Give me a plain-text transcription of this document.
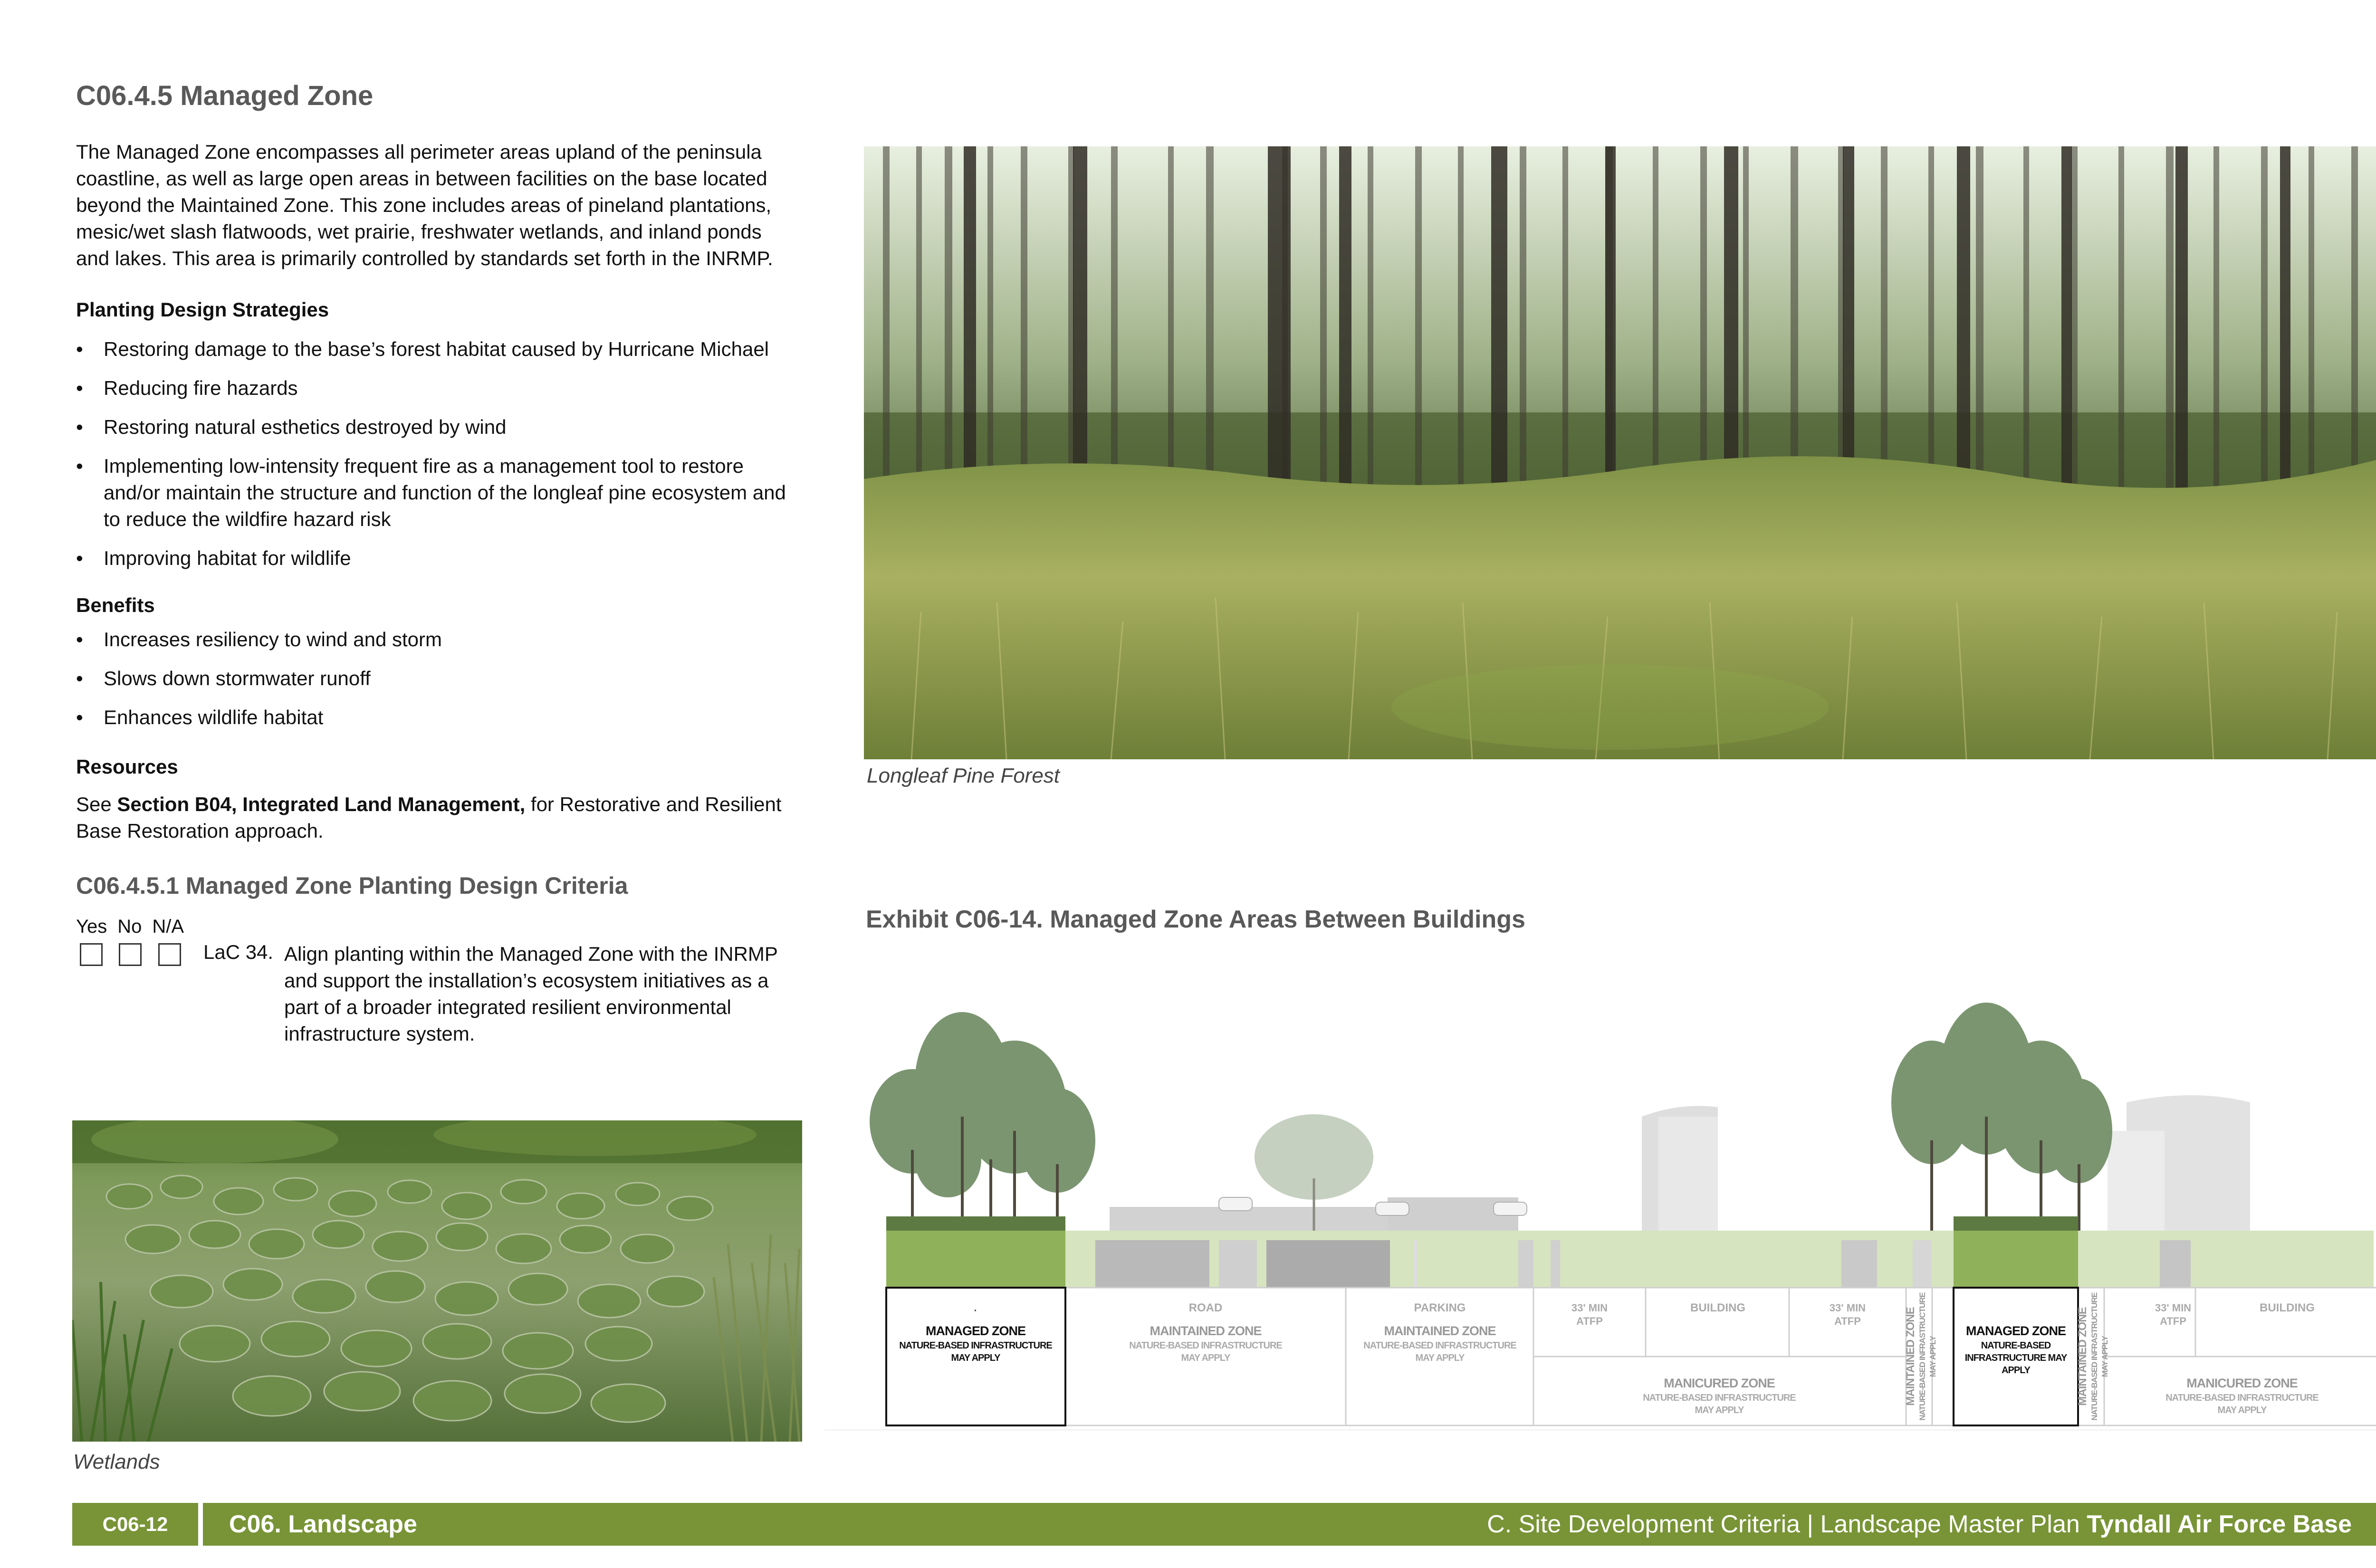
C06.4.5 Managed Zone
The Managed Zone encompasses all perimeter areas upland of the peninsula coastline, as well as large open areas in between facilities on the base located beyond the Maintained Zone. This zone includes areas of pineland plantations, mesic/wet slash flatwoods, wet prairie, freshwater wetlands, and inland ponds and lakes. This area is primarily controlled by standards set forth in the INRMP.
Planting Design Strategies
• Restoring damage to the base’s forest habitat caused by Hurricane Michael
• Reducing fire hazards
• Restoring natural esthetics destroyed by wind
• Implementing low-intensity frequent fire as a management tool to restore and/or maintain the structure and function of the longleaf pine ecosystem and to reduce the wildfire hazard risk
• Improving habitat for wildlife
Benefits
• Increases resiliency to wind and storm
• Slows down stormwater runoff
• Enhances wildlife habitat
Resources
See Section B04, Integrated Land Management, for Restorative and Resilient Base Restoration approach.
C06.4.5.1 Managed Zone Planting Design Criteria
Yes No N/A
LaC 34. Align planting within the Managed Zone with the INRMP and support the installation’s ecosystem initiatives as a part of a broader integrated resilient environmental infrastructure system.
Wetlands
Longleaf Pine Forest
Exhibit C06-14. Managed Zone Areas Between Buildings
·
MANAGED ZONE
NATURE-BASED INFRASTRUCTURE
MAY APPLY
ROAD
MAINTAINED ZONE
NATURE-BASED INFRASTRUCTURE
MAY APPLY
PARKING
MAINTAINED ZONE
NATURE-BASED INFRASTRUCTURE
MAY APPLY
33' MIN
ATFP
BUILDING	33' MIN
ATFP
MANICURED ZONE
NATURE-BASED INFRASTRUCTURE
MAY APPLY
MANAGED ZONE
NATURE-BASED
INFRASTRUCTURE MAY
APPLY
33' MIN
ATFP
BUILDING
MANICURED ZONE
NATURE-BASED INFRASTRUCTURE
MAY APPLY
MAINTAINED ZONE NATURE-BASED INFRASTRUCTURE MAY APPLY	MAINTAINED ZONE NATURE-BASED INFRASTRUCTURE MAY APPLY
C06-12	C06. Landscape	C. Site Development Criteria | Landscape Master Plan Tyndall Air Force Base
